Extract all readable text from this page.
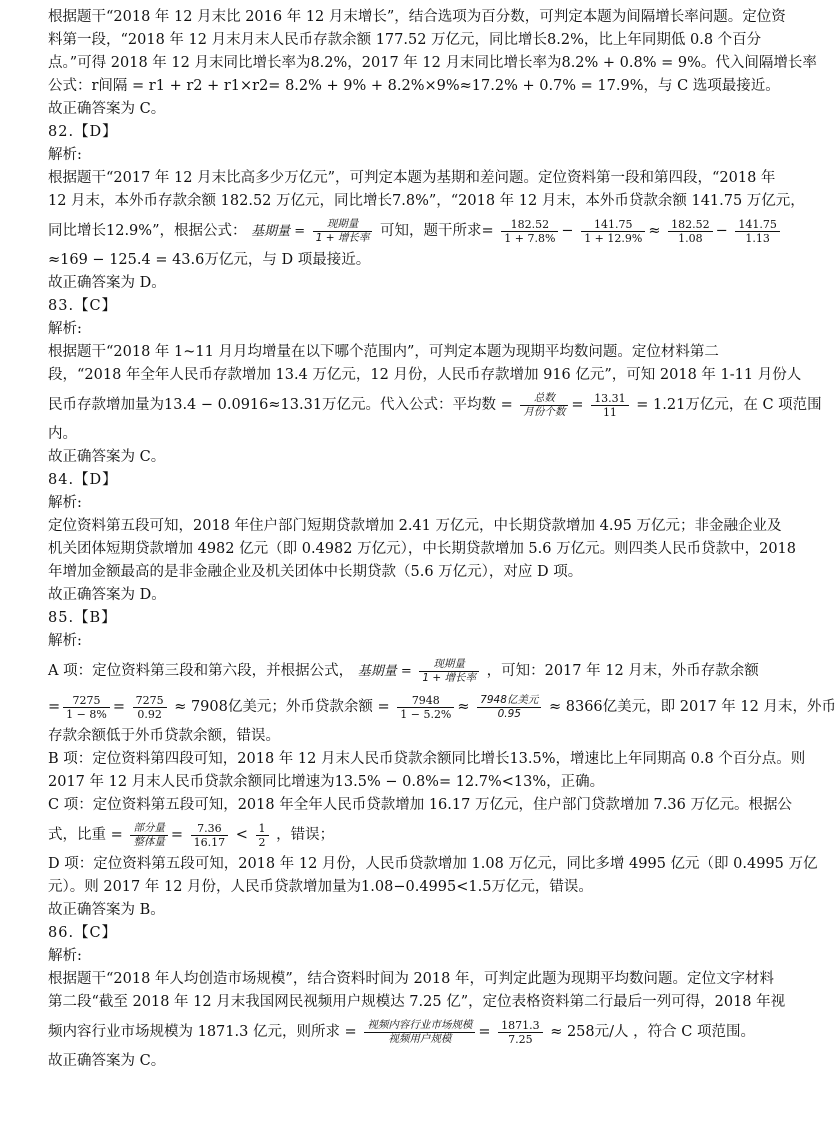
根据题干“2018 年 12 月末比 2016 年 12 月末增长”，结合选项为百分数，可判定本题为间隔增长率问题。定位资
料第一段，“2018 年 12 月末月末人民币存款余额 177.52 万亿元，同比增长8.2%，比上年同期低 0.8 个百分
点。”可得 2018 年 12 月末同比增长率为8.2%，2017 年 12 月末同比增长率为8.2% + 0.8% = 9%。代入间隔增长率
公式：r间隔 = r1 + r2 + r1×r2= 8.2% + 9% + 8.2%×9%≈17.2% + 0.7% = 17.9%，与 C 选项最接近。
故正确答案为 C。
82.【D】
解析:
根据题干“2017 年 12 月末比高多少万亿元”，可判定本题为基期和差问题。定位资料第一段和第四段，“2018 年
12 月末，本外币存款余额 182.52 万亿元，同比增长7.8%”，“2018 年 12 月末，本外币贷款余额 141.75 万亿元，
同比增长12.9%”，根据公式： 基期量 = $\frac{\text{现期量}}{\text{1 + 增长率}}$ 可知，题干所求= $\frac{182.52}{1 + 7.8\%} - \frac{141.75}{1 + 12.9\%} \approx \frac{182.52}{1.08} - \frac{141.75}{1.13}$
≈169 − 125.4 = 43.6万亿元，与 D 项最接近。
故正确答案为 D。
83.【C】
解析:
根据题干“2018 年 1~11 月月均增量在以下哪个范围内”，可判定本题为现期平均数问题。定位材料第二
段，“2018 年全年人民币存款增加 13.4 万亿元，12 月份，人民币存款增加 916 亿元”，可知 2018 年 1-11 月份人
民币存款增加量为13.4 − 0.0916≈13.31万亿元。代入公式：平均数 = $\frac{\text{总数}}{\text{月份个数}} = \frac{13.31}{11} = 1.21$万亿元，在 C 项范围
内。
故正确答案为 C。
84.【D】
解析:
定位资料第五段可知，2018 年住户部门短期贷款增加 2.41 万亿元，中长期贷款增加 4.95 万亿元；非金融企业及
机关团体短期贷款增加 4982 亿元（即 0.4982 万亿元），中长期贷款增加 5.6 万亿元。则四类人民币贷款中，2018
年增加金额最高的是非金融企业及机关团体中长期贷款（5.6 万亿元），对应 D 项。
故正确答案为 D。
85.【B】
解析:
A 项：定位资料第三段和第六段，并根据公式， 基期量 = $\frac{\text{现期量}}{\text{1 + 增长率}}$ ，可知：2017 年 12 月末，外币存款余额
= $\frac{7275}{1 - 8\%} = \frac{7275}{0.92} \approx 7908$亿美元；外币贷款余额 = $\frac{7948}{1 - 5.2\%} \approx \frac{\text{7948亿美元}}{0.95} \approx 8366$亿美元，即 2017 年 12 月末，外币
存款余额低于外币贷款余额，错误。
B 项：定位资料第四段可知，2018 年 12 月末人民币贷款余额同比增长13.5%，增速比上年同期高 0.8 个百分点。则
2017 年 12 月末人民币贷款余额同比增速为13.5% − 0.8%= 12.7%<13%，正确。
C 项：定位资料第五段可知，2018 年全年人民币贷款增加 16.17 万亿元，住户部门贷款增加 7.36 万亿元。根据公
式，比重 = $\frac{\text{部分量}}{\text{整体量}} = \frac{7.36}{16.17} < \frac{1}{2}$ ，错误；
D 项：定位资料第五段可知，2018 年 12 月份，人民币贷款增加 1.08 万亿元，同比多增 4995 亿元（即 0.4995 万亿
元）。则 2017 年 12 月份，人民币贷款增加量为1.08−0.4995<1.5万亿元，错误。
故正确答案为 B。
86.【C】
解析:
根据题干“2018 年人均创造市场规模”，结合资料时间为 2018 年，可判定此题为现期平均数问题。定位文字材料
第二段“截至 2018 年 12 月末我国网民视频用户规模达 7.25 亿”，定位表格资料第二行最后一列可得，2018 年视
频内容行业市场规模为 1871.3 亿元，则所求 = $\frac{\text{视频内容行业市场规模}}{\text{视频用户规模}} = \frac{1871.3}{7.25} \approx 258$元/人 ，符合 C 项范围。
故正确答案为 C。
